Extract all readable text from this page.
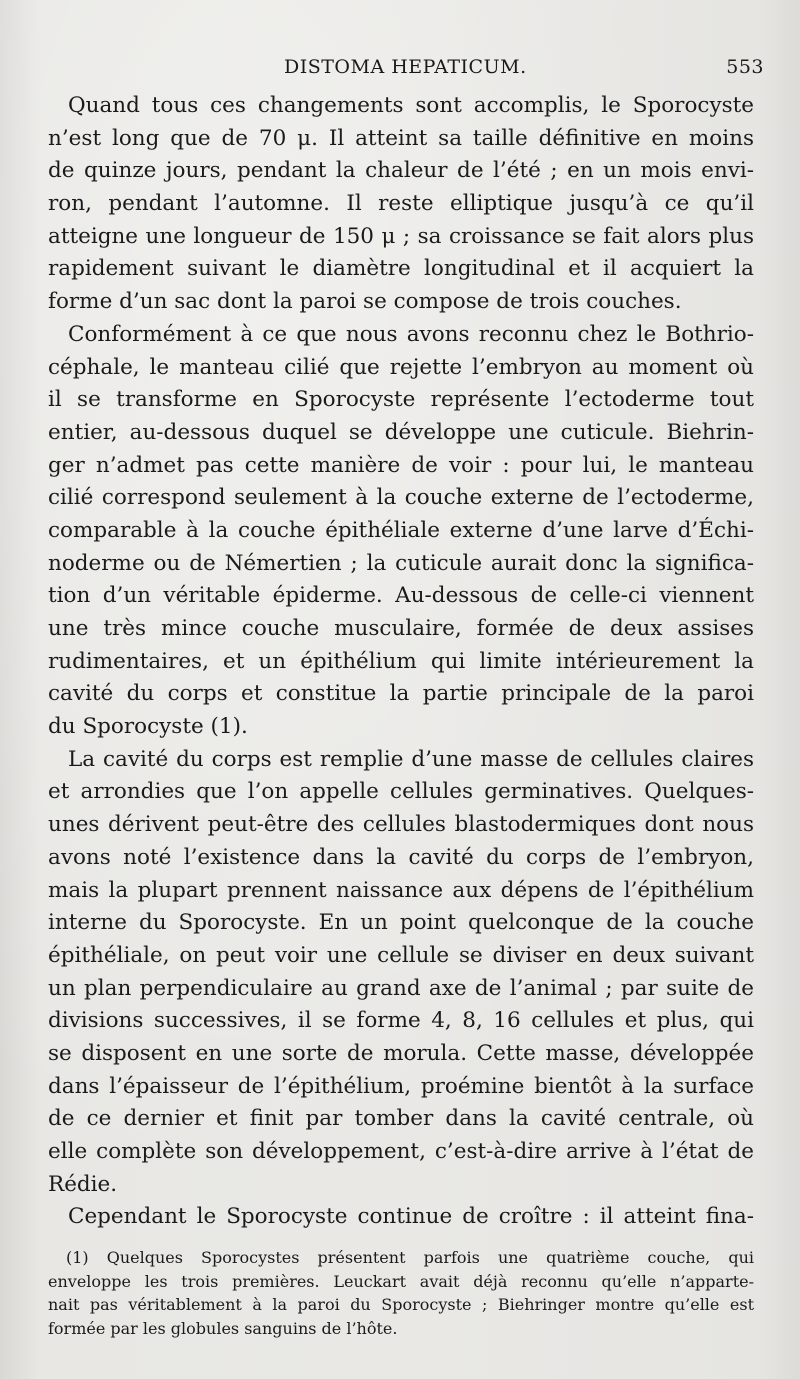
DISTOMA HEPATICUM.	553
Quand tous ces changements sont accomplis, le Sporocyste
n’est long que de 70 μ. Il atteint sa taille définitive en moins
de quinze jours, pendant la chaleur de l’été ; en un mois envi-
ron, pendant l’automne. Il reste elliptique jusqu’à ce qu’il
atteigne une longueur de 150 μ ; sa croissance se fait alors plus
rapidement suivant le diamètre longitudinal et il acquiert la
forme d’un sac dont la paroi se compose de trois couches.
Conformément à ce que nous avons reconnu chez le Bothrio-
céphale, le manteau cilié que rejette l’embryon au moment où
il se transforme en Sporocyste représente l’ectoderme tout
entier, au-dessous duquel se développe une cuticule. Biehrin-
ger n’admet pas cette manière de voir : pour lui, le manteau
cilié correspond seulement à la couche externe de l’ectoderme,
comparable à la couche épithéliale externe d’une larve d’Échi-
noderme ou de Némertien ; la cuticule aurait donc la significa-
tion d’un véritable épiderme. Au-dessous de celle-ci viennent
une très mince couche musculaire, formée de deux assises
rudimentaires, et un épithélium qui limite intérieurement la
cavité du corps et constitue la partie principale de la paroi
du Sporocyste (1).
La cavité du corps est remplie d’une masse de cellules claires
et arrondies que l’on appelle cellules germinatives. Quelques-
unes dérivent peut-être des cellules blastodermiques dont nous
avons noté l’existence dans la cavité du corps de l’embryon,
mais la plupart prennent naissance aux dépens de l’épithélium
interne du Sporocyste. En un point quelconque de la couche
épithéliale, on peut voir une cellule se diviser en deux suivant
un plan perpendiculaire au grand axe de l’animal ; par suite de
divisions successives, il se forme 4, 8, 16 cellules et plus, qui
se disposent en une sorte de morula. Cette masse, développée
dans l’épaisseur de l’épithélium, proémine bientôt à la surface
de ce dernier et finit par tomber dans la cavité centrale, où
elle complète son développement, c’est-à-dire arrive à l’état de
Rédie.
Cependant le Sporocyste continue de croître : il atteint fina-
(1) Quelques Sporocystes présentent parfois une quatrième couche, qui
enveloppe les trois premières. Leuckart avait déjà reconnu qu’elle n’apparte-
nait pas véritablement à la paroi du Sporocyste ; Biehringer montre qu’elle est
formée par les globules sanguins de l’hôte.
